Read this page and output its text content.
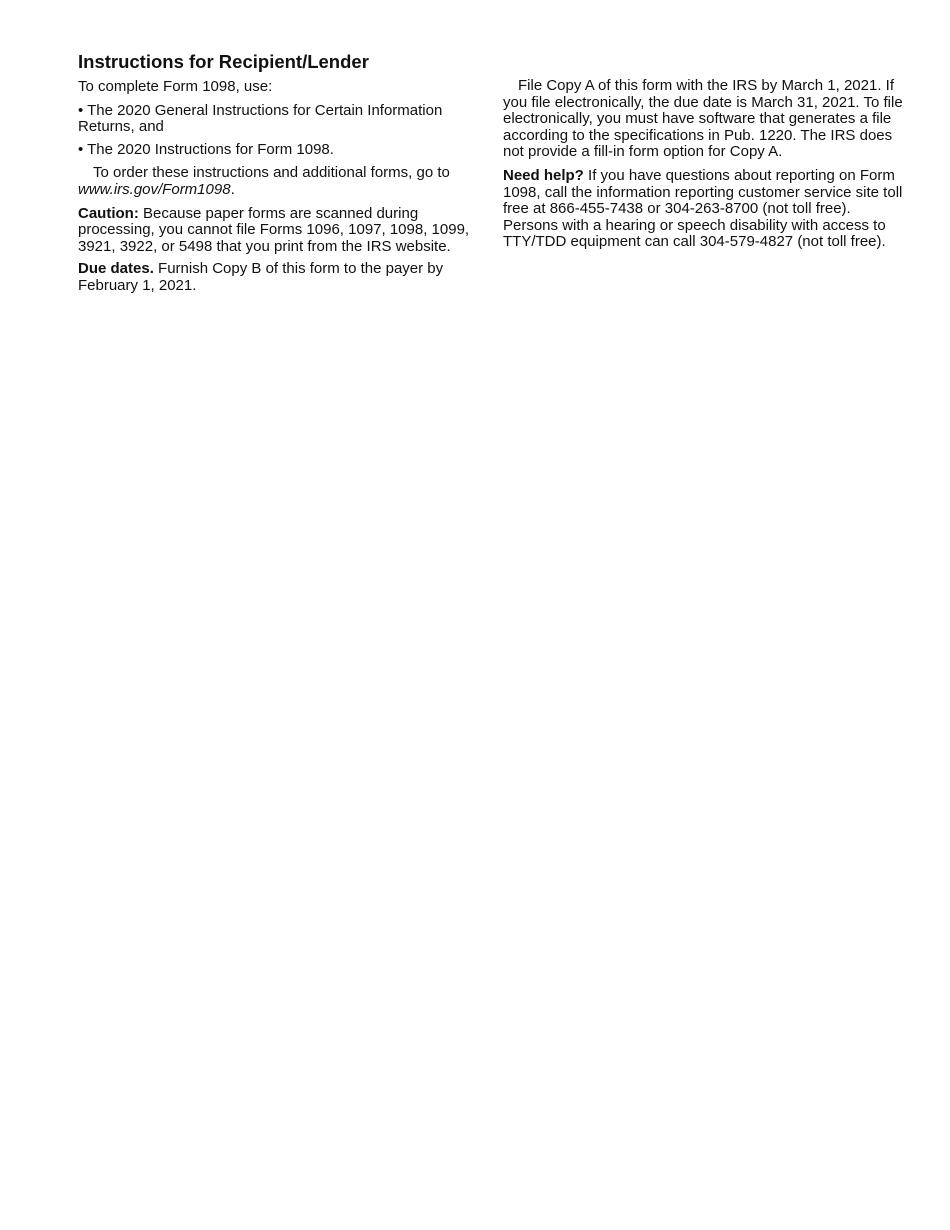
Instructions for Recipient/Lender

To complete Form 1098, use:

• The 2020 General Instructions for Certain Information Returns, and

• The 2020 Instructions for Form 1098.

To order these instructions and additional forms, go to www.irs.gov/Form1098.

Caution: Because paper forms are scanned during processing, you cannot file Forms 1096, 1097, 1098, 1099, 3921, 3922, or 5498 that you print from the IRS website.

Due dates. Furnish Copy B of this form to the payer by February 1, 2021.

File Copy A of this form with the IRS by March 1, 2021. If you file electronically, the due date is March 31, 2021. To file electronically, you must have software that generates a file according to the specifications in Pub. 1220. The IRS does not provide a fill-in form option for Copy A.

Need help? If you have questions about reporting on Form 1098, call the information reporting customer service site toll free at 866-455-7438 or 304-263-8700 (not toll free). Persons with a hearing or speech disability with access to TTY/TDD equipment can call 304-579-4827 (not toll free).
